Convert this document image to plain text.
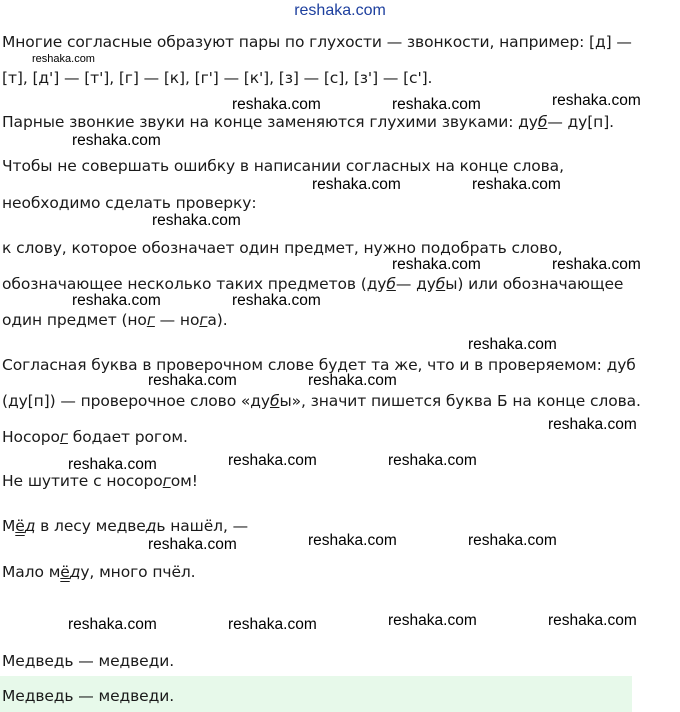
reshaka.com
Многие согласные образуют пары по глухости — звонкости, например: [д] —
reshaka.com
[т], [д'] — [т'], [г] — [к], [г'] — [к'], [з] — [с], [з'] — [с'].
reshaka.com	reshaka.com	reshaka.com
Парные звонкие звуки на конце заменяются глухими звуками: дуб— ду[п].
reshaka.com
Чтобы не совершать ошибку в написании согласных на конце слова,
reshaka.com	reshaka.com
необходимо сделать проверку:
reshaka.com
к слову, которое обозначает один предмет, нужно подобрать слово,
reshaka.com	reshaka.com
обозначающее несколько таких предметов (дуб— дубы) или обозначающее
reshaka.com	reshaka.com
один предмет (ног — нога).
reshaka.com
Согласная буква в проверочном слове будет та же, что и в проверяемом: дуб
reshaka.com	reshaka.com
(ду[п]) — проверочное слово «дубы», значит пишется буква Б на конце слова.
reshaka.com
Носорог бодает рогом.
reshaka.com	reshaka.com	reshaka.com
Не шутите с носорогом!
Мёд в лесу медведь нашёл, —
reshaka.com	reshaka.com	reshaka.com
Мало мёду, много пчёл.
reshaka.com	reshaka.com	reshaka.com	reshaka.com
Медведь — медведи.
Медведь — медведи.
